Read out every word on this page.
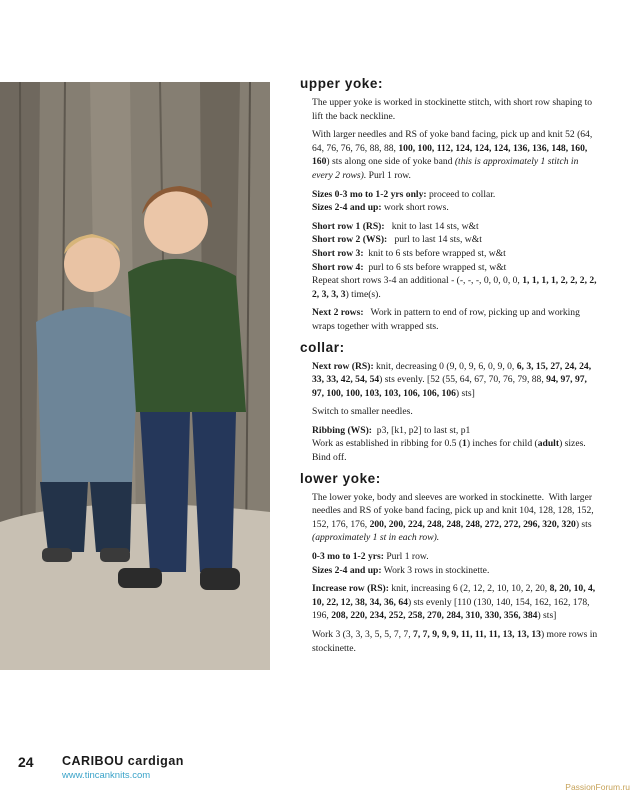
upper yoke:

The upper yoke is worked in stockinette stitch, with short row shaping to lift the back neckline.

With larger needles and RS of yoke band facing, pick up and knit 52 (64, 64, 76, 76, 76, 88, 88, 100, 100, 112, 124, 124, 124, 136, 136, 148, 160, 160) sts along one side of yoke band (this is approximately 1 stitch in every 2 rows). Purl 1 row.

Sizes 0-3 mo to 1-2 yrs only: proceed to collar.
Sizes 2-4 and up: work short rows.

Short row 1 (RS):   knit to last 14 sts, w&t
Short row 2 (WS):   purl to last 14 sts, w&t
Short row 3:  knit to 6 sts before wrapped st, w&t
Short row 4:  purl to 6 sts before wrapped st, w&t
Repeat short rows 3-4 an additional - (-, -, -, 0, 0, 0, 0, 1, 1, 1, 1, 2, 2, 2, 2, 2, 3, 3, 3) time(s).

Next 2 rows:   Work in pattern to end of row, picking up and working wraps together with wrapped sts.

collar:

Next row (RS): knit, decreasing 0 (9, 0, 9, 6, 0, 9, 0, 6, 3, 15, 27, 24, 24, 33, 33, 42, 54, 54) sts evenly. [52 (55, 64, 67, 70, 76, 79, 88, 94, 97, 97, 97, 100, 100, 103, 103, 106, 106, 106) sts]

Switch to smaller needles.

Ribbing (WS):  p3, [k1, p2] to last st, p1
Work as established in ribbing for 0.5 (1) inches for child (adult) sizes.  Bind off.

lower yoke:

The lower yoke, body and sleeves are worked in stockinette.  With larger needles and RS of yoke band facing, pick up and knit 104, 128, 128, 152, 152, 176, 176, 200, 200, 224, 248, 248, 248, 272, 272, 296, 320, 320) sts (approximately 1 st in each row).

0-3 mo to 1-2 yrs: Purl 1 row.
Sizes 2-4 and up: Work 3 rows in stockinette.

Increase row (RS): knit, increasing 6 (2, 12, 2, 10, 10, 2, 20, 8, 20, 10, 4, 10, 22, 12, 38, 34, 36, 64) sts evenly [110 (130, 140, 154, 162, 162, 178, 196, 208, 220, 234, 252, 258, 270, 284, 310, 330, 356, 384) sts]

Work 3 (3, 3, 3, 5, 5, 7, 7, 7, 7, 9, 9, 9, 11, 11, 11, 13, 13, 13) more rows in stockinette.

24 CARIBOU cardigan
www.tincanknits.com
PassionForum.ru
